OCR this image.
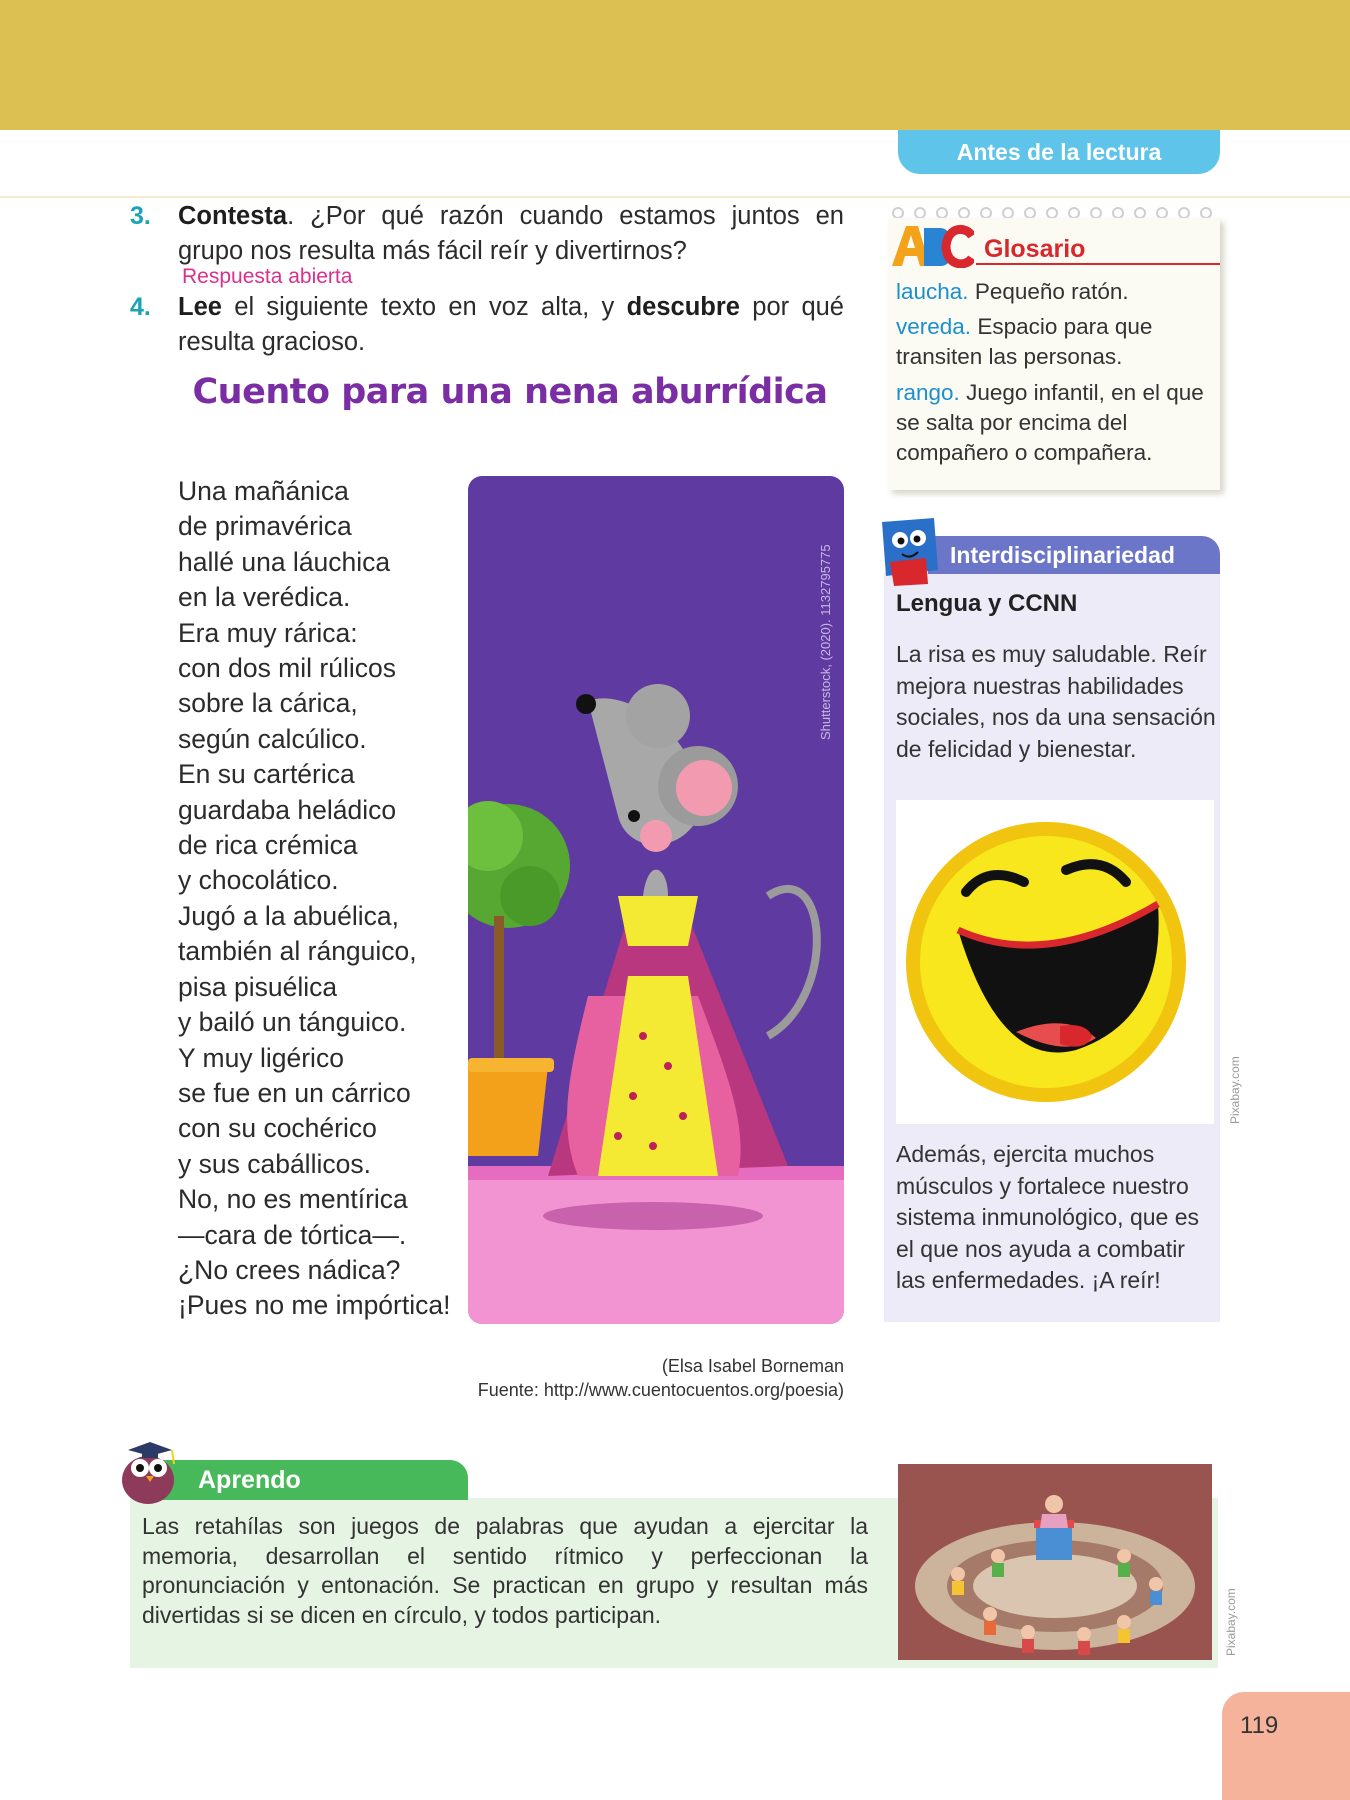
Antes de la lectura
3. Contesta. ¿Por qué razón cuando estamos juntos en grupo nos resulta más fácil reír y divertirnos?
Respuesta abierta
4. Lee el siguiente texto en voz alta, y descubre por qué resulta gracioso.
Cuento para una nena aburrídica
Una mañánica
de primavérica
hallé una láuchica
en la verédica.
Era muy rárica:
con dos mil rúlicos
sobre la cárica,
según calcúlico.
En su cartérica
guardaba heládico
de rica crémica
y chocolático.
Jugó a la abuélica,
también al ránguico,
pisa pisuélica
y bailó un tánguico.
Y muy ligérico
se fue en un cárrico
con su cochérico
y sus cabállicos.
No, no es mentírica
—cara de tórtica—.
¿No crees nádica?
¡Pues no me impórtica!
Shutterstock, (2020). 1132795775
(Elsa Isabel Borneman
Fuente: http://www.cuentocuentos.org/poesia)
Glosario
laucha. Pequeño ratón.
vereda. Espacio para que transiten las personas.
rango. Juego infantil, en el que se salta por encima del compañero o compañera.
Interdisciplinariedad
Lengua y CCNN
La risa es muy saludable. Reír mejora nuestras habilidades sociales, nos da una sensación de felicidad y bienestar.
Pixabay.com
Además, ejercita muchos músculos y fortalece nuestro sistema inmunológico, que es el que nos ayuda a combatir las enfermedades. ¡A reír!
Aprendo
Las retahílas son juegos de palabras que ayudan a ejercitar la memoria, desarrollan el sentido rítmico y perfeccionan la pronunciación y entonación. Se practican en grupo y resultan más divertidas si se dicen en círculo, y todos participan.	Pixabay.com
119
